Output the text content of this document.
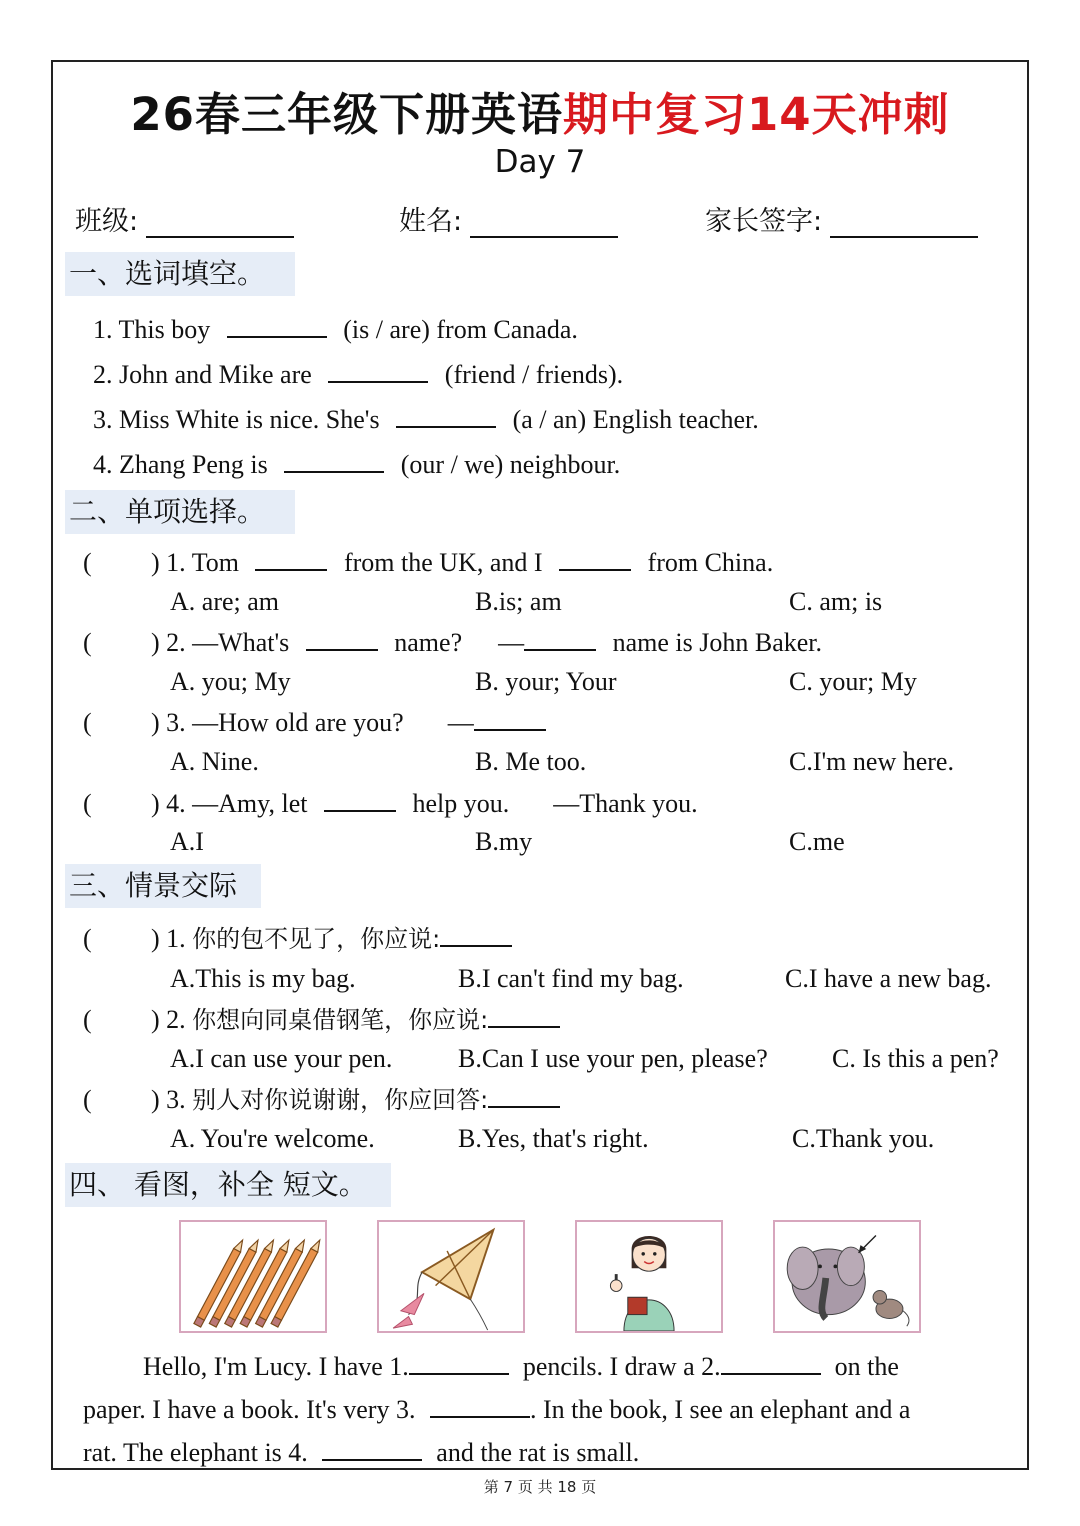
26春三年级下册英语期中复习14天冲刺
Day 7
班级:	姓名:	家长签字:
一、选词填空。
1. This boy	(is / are) from Canada.
2. John and Mike are	(friend / friends).
3. Miss White is nice. She's	(a / an) English teacher.
4. Zhang Peng is	(our / we) neighbour.
二、单项选择。
( ) 1. Tom	from the UK, and I	from China.
A. are; am	B.is; am	C. am; is
( ) 2. —What's	name? —	name is John Baker.
A. you; My	B. your; Your	C. your; My
( ) 3. —How old are you? —
A. Nine.	B. Me too.	C.I'm new here.
( ) 4. —Amy, let	help you. —Thank you.
A.I	B.my	C.me
三、情景交际
( ) 1. 你的包不见了，你应说:
A.This is my bag.	B.I can't find my bag.	C.I have a new bag.
( ) 2. 你想向同桌借钢笔，你应说:
A.I can use your pen.	B.Can I use your pen, please? C. Is this a pen?
( ) 3. 别人对你说谢谢，你应回答:
A. You're welcome.	B.Yes, that's right.	C.Thank you.
四、 看图，补全 短文。
Hello, I'm Lucy. I have 1.	pencils. I draw a 2.	on the
paper. I have a book. It's very 3.	. In the book, I see an elephant and a
rat. The elephant is 4.	and the rat is small.
第 7 页 共 18 页
